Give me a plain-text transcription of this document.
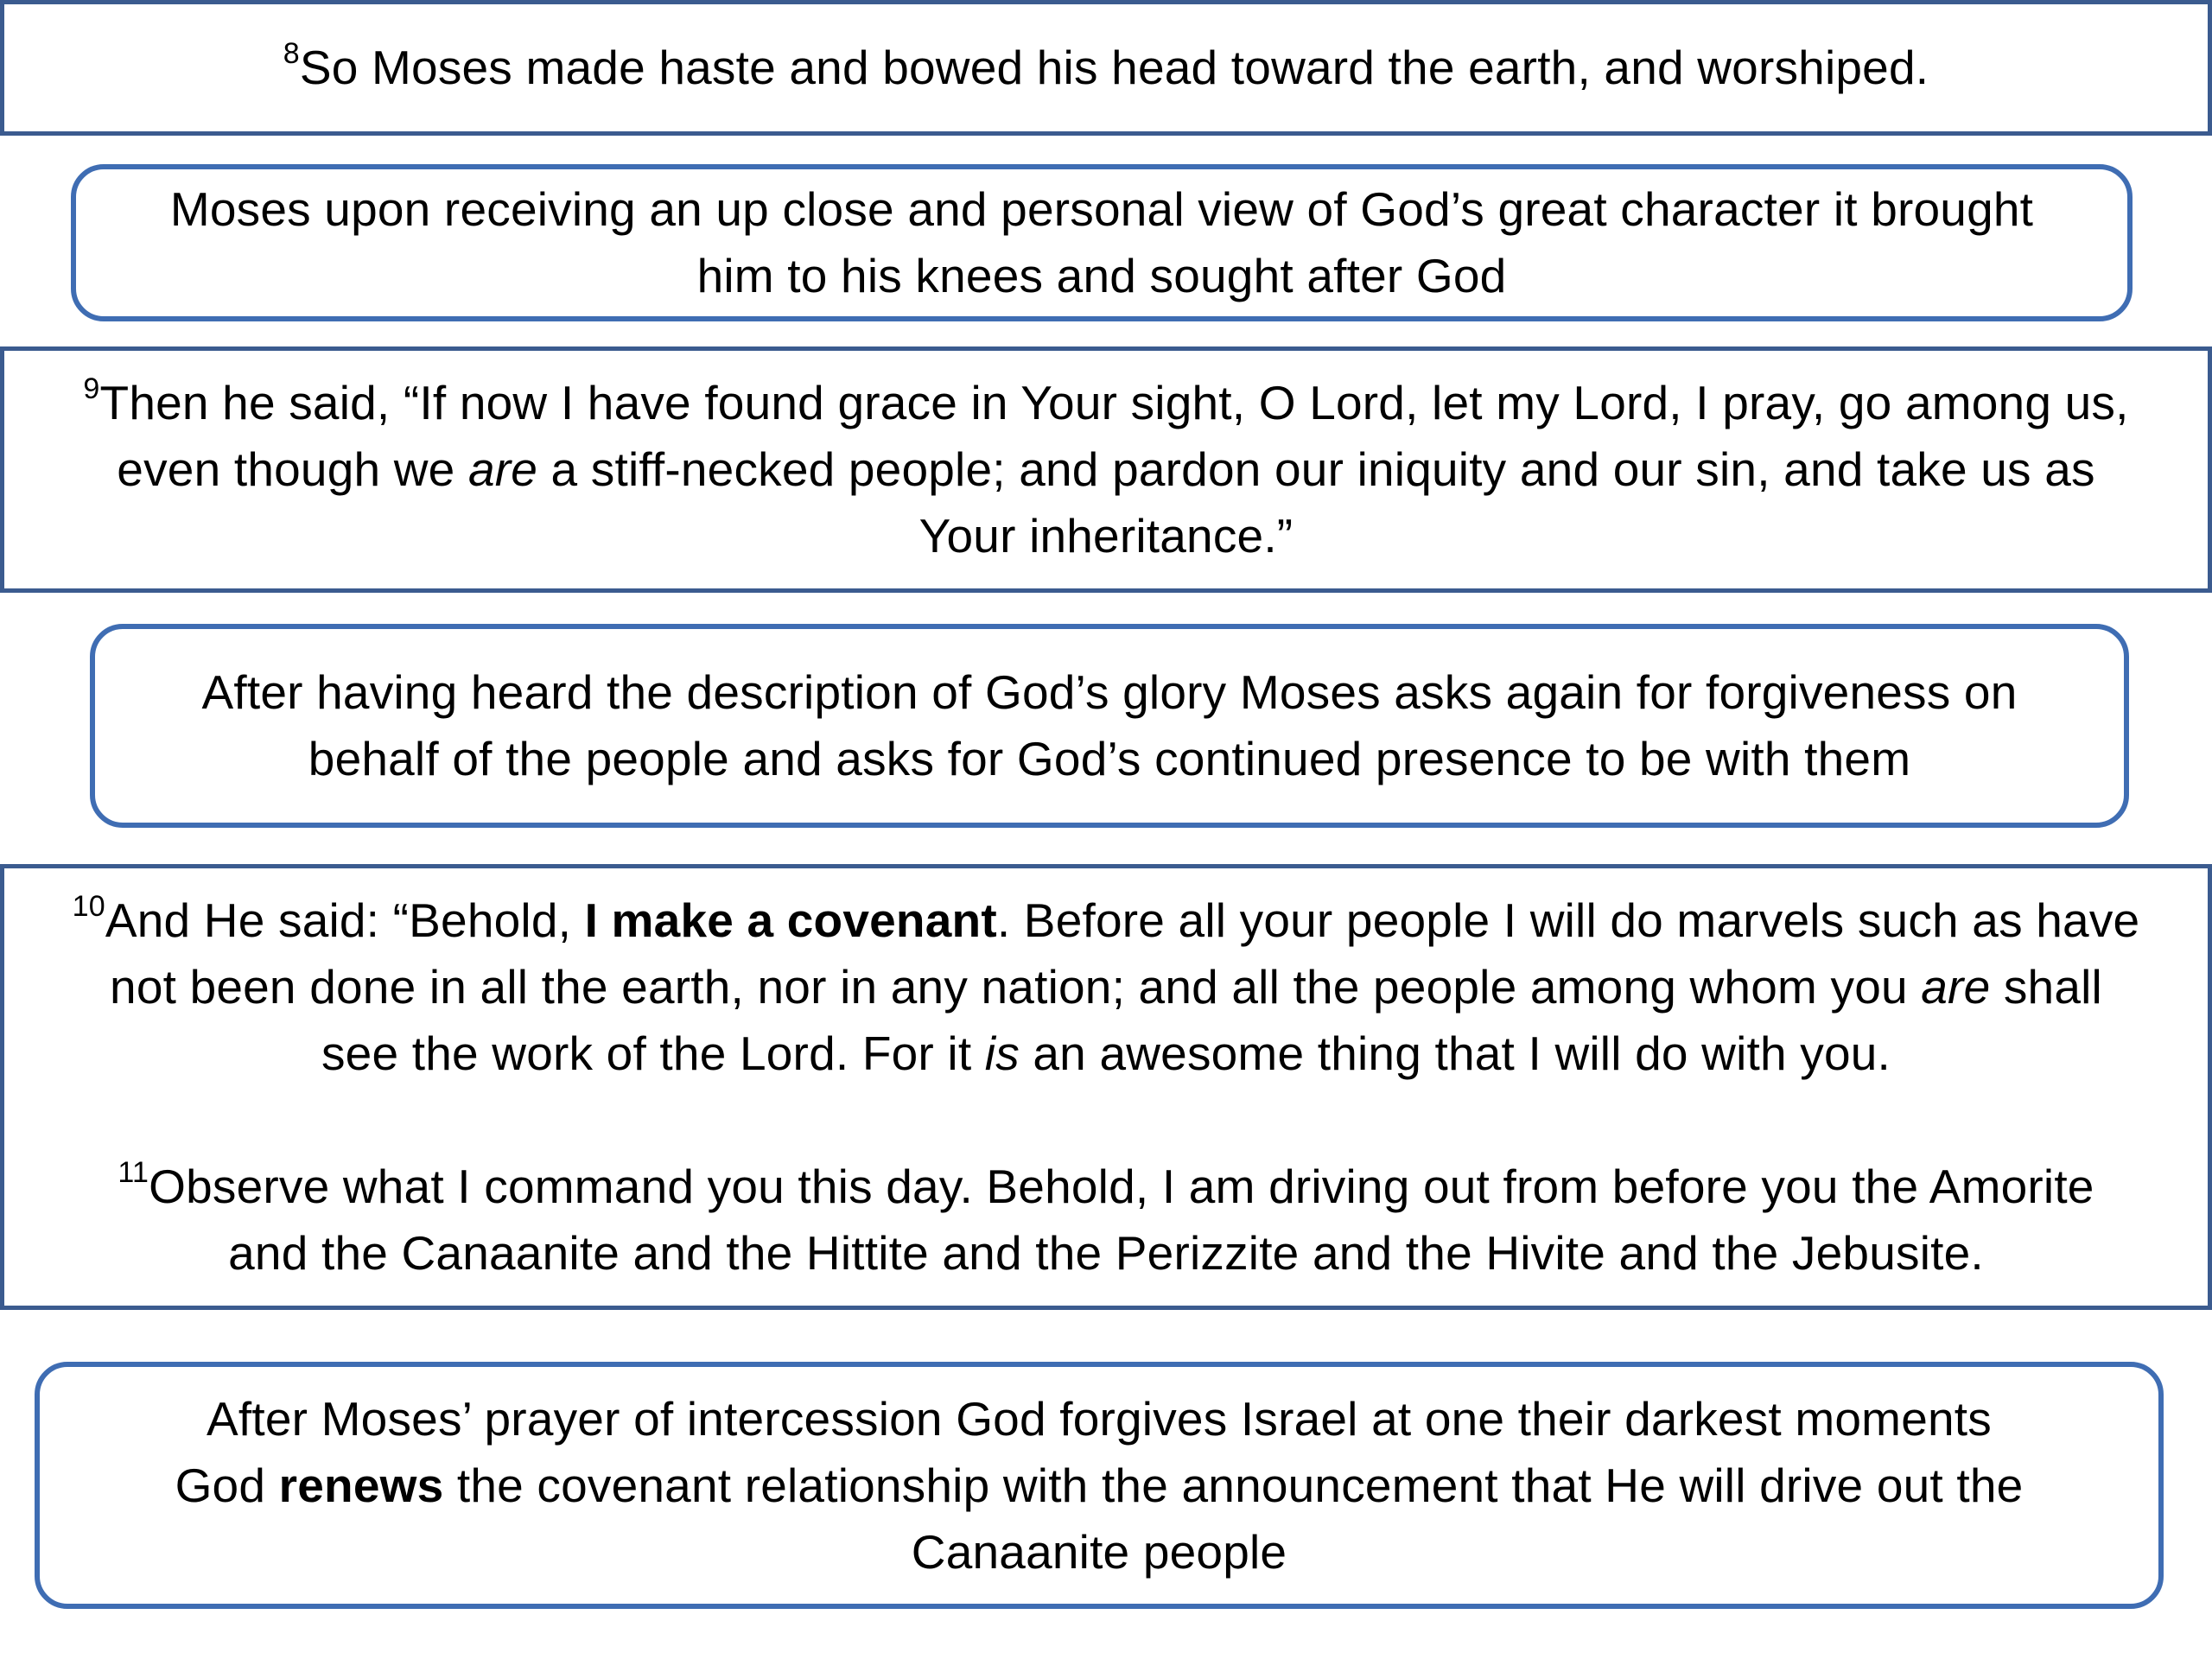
$^8$So Moses made haste and bowed his head toward the earth, and worshiped.
Moses upon receiving an up close and personal view of God’s great character it brought
him to his knees and sought after God
$^9$Then he said, “If now I have found grace in Your sight, O Lord, let my Lord, I pray, go among us,
even though we are a stiff-necked people; and pardon our iniquity and our sin, and take us as
Your inheritance.”
After having heard the description of God’s glory Moses asks again for forgiveness on
behalf of the people and asks for God’s continued presence to be with them
$^{10}$And He said: “Behold, I make a covenant. Before all your people I will do marvels such as have
not been done in all the earth, nor in any nation; and all the people among whom you are shall
see the work of the Lord. For it is an awesome thing that I will do with you.
$^{11}$Observe what I command you this day. Behold, I am driving out from before you the Amorite
and the Canaanite and the Hittite and the Perizzite and the Hivite and the Jebusite.
After Moses’ prayer of intercession God forgives Israel at one their darkest moments
God renews the covenant relationship with the announcement that He will drive out the
Canaanite people
